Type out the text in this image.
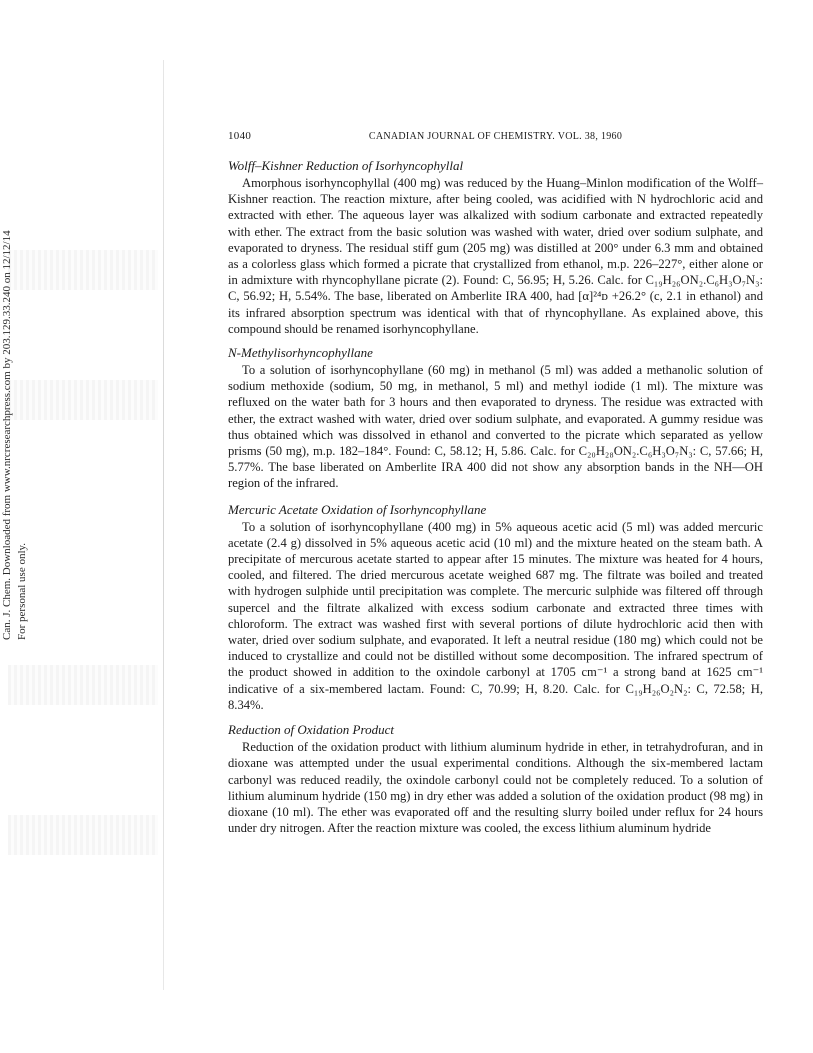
Can. J. Chem. Downloaded from www.nrcresearchpress.com by 203.129.33.240 on 12/12/14 For personal use only.
1040	CANADIAN JOURNAL OF CHEMISTRY. VOL. 38, 1960
Wolff–Kishner Reduction of Isorhyncophyllal

Amorphous isorhyncophyllal (400 mg) was reduced by the Huang–Minlon modification of the Wolff–Kishner reaction. The reaction mixture, after being cooled, was acidified with N hydrochloric acid and extracted with ether. The aqueous layer was alkalized with sodium carbonate and extracted repeatedly with ether. The extract from the basic solution was washed with water, dried over sodium sulphate, and evaporated to dryness. The residual stiff gum (205 mg) was distilled at 200° under 6.3 mm and obtained as a colorless glass which formed a picrate that crystallized from ethanol, m.p. 226–227°, either alone or in admixture with rhyncophyllane picrate (2). Found: C, 56.95; H, 5.26. Calc. for C₁₉H₂₆ON₂.C₆H₃O₇N₃: C, 56.92; H, 5.54%. The base, liberated on Amberlite IRA 400, had [α]²⁴ᴅ +26.2° (c, 2.1 in ethanol) and its infrared absorption spectrum was identical with that of rhyncophyllane. As explained above, this compound should be renamed isorhyncophyllane.

N-Methylisorhyncophyllane

To a solution of isorhyncophyllane (60 mg) in methanol (5 ml) was added a methanolic solution of sodium methoxide (sodium, 50 mg, in methanol, 5 ml) and methyl iodide (1 ml). The mixture was refluxed on the water bath for 3 hours and then evaporated to dryness. The residue was extracted with ether, the extract washed with water, dried over sodium sulphate, and evaporated. A gummy residue was thus obtained which was dissolved in ethanol and converted to the picrate which separated as yellow prisms (50 mg), m.p. 182–184°. Found: C, 58.12; H, 5.86. Calc. for C₂₀H₂₈ON₂.C₆H₃O₇N₃: C, 57.66; H, 5.77%. The base liberated on Amberlite IRA 400 did not show any absorption bands in the NH—OH region of the infrared.

Mercuric Acetate Oxidation of Isorhyncophyllane

To a solution of isorhyncophyllane (400 mg) in 5% aqueous acetic acid (5 ml) was added mercuric acetate (2.4 g) dissolved in 5% aqueous acetic acid (10 ml) and the mixture heated on the steam bath. A precipitate of mercurous acetate started to appear after 15 minutes. The mixture was heated for 4 hours, cooled, and filtered. The dried mercurous acetate weighed 687 mg. The filtrate was boiled and treated with hydrogen sulphide until precipitation was complete. The mercuric sulphide was filtered off through supercel and the filtrate alkalized with excess sodium carbonate and extracted three times with chloroform. The extract was washed first with several portions of dilute hydrochloric acid then with water, dried over sodium sulphate, and evaporated. It left a neutral residue (180 mg) which could not be induced to crystallize and could not be distilled without some decomposition. The infrared spectrum of the product showed in addition to the oxindole carbonyl at 1705 cm⁻¹ a strong band at 1625 cm⁻¹ indicative of a six-membered lactam. Found: C, 70.99; H, 8.20. Calc. for C₁₉H₂₆O₂N₂: C, 72.58; H, 8.34%.

Reduction of Oxidation Product

Reduction of the oxidation product with lithium aluminum hydride in ether, in tetrahydrofuran, and in dioxane was attempted under the usual experimental conditions. Although the six-membered lactam carbonyl was reduced readily, the oxindole carbonyl could not be completely reduced. To a solution of lithium aluminum hydride (150 mg) in dry ether was added a solution of the oxidation product (98 mg) in dioxane (10 ml). The ether was evaporated off and the resulting slurry boiled under reflux for 24 hours under dry nitrogen. After the reaction mixture was cooled, the excess lithium aluminum hydride
